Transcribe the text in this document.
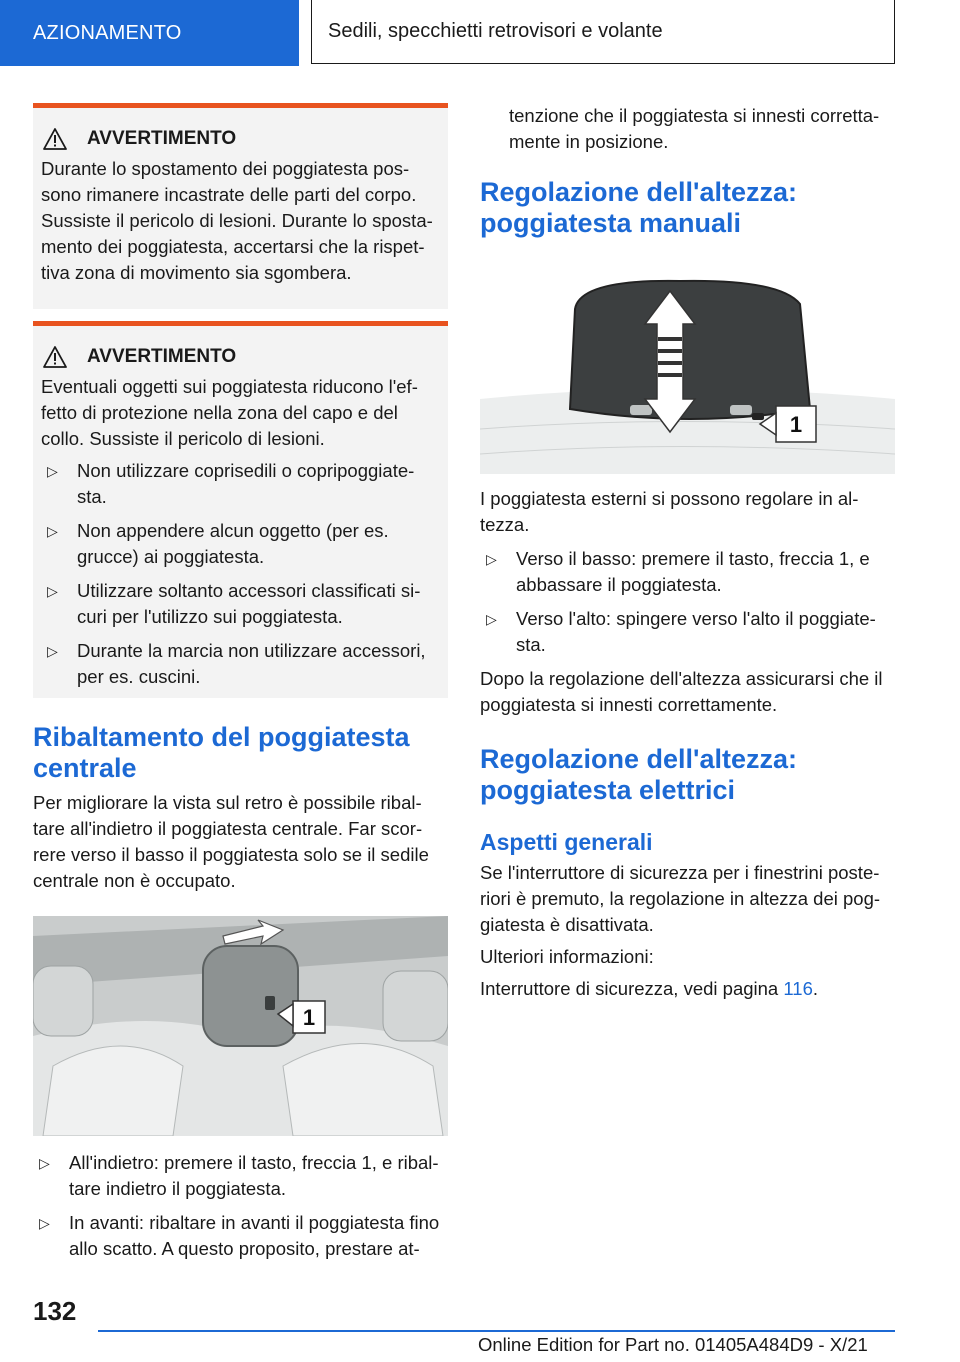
AZIONAMENTO	Sedili, specchietti retrovisori e volante
AVVERTIMENTO

Durante lo spostamento dei poggiatesta pos-sono rimanere incastrate delle parti del corpo. Sussiste il pericolo di lesioni. Durante lo sposta-mento dei poggiatesta, accertarsi che la rispet-tiva zona di movimento sia sgombera.

AVVERTIMENTO

Eventuali oggetti sui poggiatesta riducono l'ef-fetto di protezione nella zona del capo e del collo. Sussiste il pericolo di lesioni.

▷ Non utilizzare coprisedili o copripoggiate-sta.
▷ Non appendere alcun oggetto (per es. grucce) ai poggiatesta.
▷ Utilizzare soltanto accessori classificati si-curi per l'utilizzo sui poggiatesta.
▷ Durante la marcia non utilizzare accessori, per es. cuscini.
Ribaltamento del poggiatesta centrale

Per migliorare la vista sul retro è possibile ribal-tare all'indietro il poggiatesta centrale. Far scor-rere verso il basso il poggiatesta solo se il sedile centrale non è occupato.

1
▷ All'indietro: premere il tasto, freccia 1, e ribal-tare indietro il poggiatesta.
▷ In avanti: ribaltare in avanti il poggiatesta fino allo scatto. A questo proposito, prestare at-

tenzione che il poggiatesta si innesti corretta-mente in posizione.

Regolazione dell'altezza: poggiatesta manuali
1

I poggiatesta esterni si possono regolare in al-tezza.

▷ Verso il basso: premere il tasto, freccia 1, e abbassare il poggiatesta.
▷ Verso l'alto: spingere verso l'alto il poggiate-sta.

Dopo la regolazione dell'altezza assicurarsi che il poggiatesta si innesti correttamente.

Regolazione dell'altezza: poggiatesta elettrici
Aspetti generali

Se l'interruttore di sicurezza per i finestrini poste-riori è premuto, la regolazione in altezza dei pog-giatesta è disattivata.

Ulteriori informazioni:

Interruttore di sicurezza, vedi pagina 116.

132
Online Edition for Part no. 01405A484D9 - X/21
